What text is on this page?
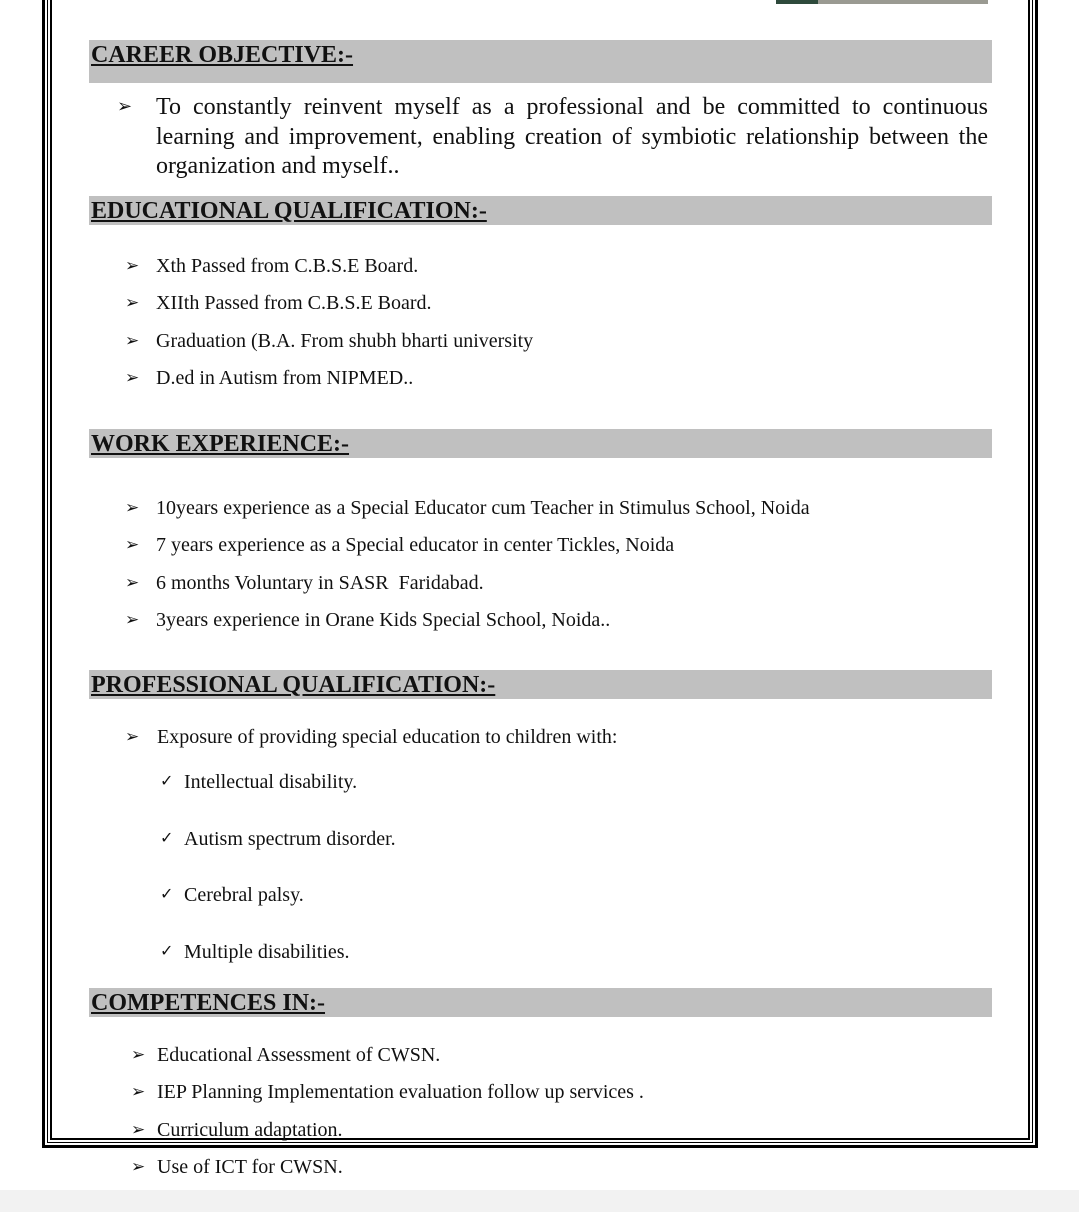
CAREER OBJECTIVE:-
➢ To constantly reinvent myself as a professional and be committed to continuous learning and improvement, enabling creation of symbiotic relationship between the organization and myself..
EDUCATIONAL QUALIFICATION:-
➢ Xth Passed from C.B.S.E Board.
➢ XIIth Passed from C.B.S.E Board.
➢ Graduation (B.A. From shubh bharti university
➢ D.ed in Autism from NIPMED..
WORK EXPERIENCE:-
➢ 10years experience as a Special Educator cum Teacher in Stimulus School, Noida
➢ 7 years experience as a Special educator in center Tickles, Noida
➢ 6 months Voluntary in SASR  Faridabad.
➢ 3years experience in Orane Kids Special School, Noida..
PROFESSIONAL QUALIFICATION:-
➢ Exposure of providing special education to children with:
✓ Intellectual disability.
✓ Autism spectrum disorder.
✓ Cerebral palsy.
✓ Multiple disabilities.
COMPETENCES IN:-
➢ Educational Assessment of CWSN.
➢ IEP Planning Implementation evaluation follow up services .
➢ Curriculum adaptation.
➢ Use of ICT for CWSN.
